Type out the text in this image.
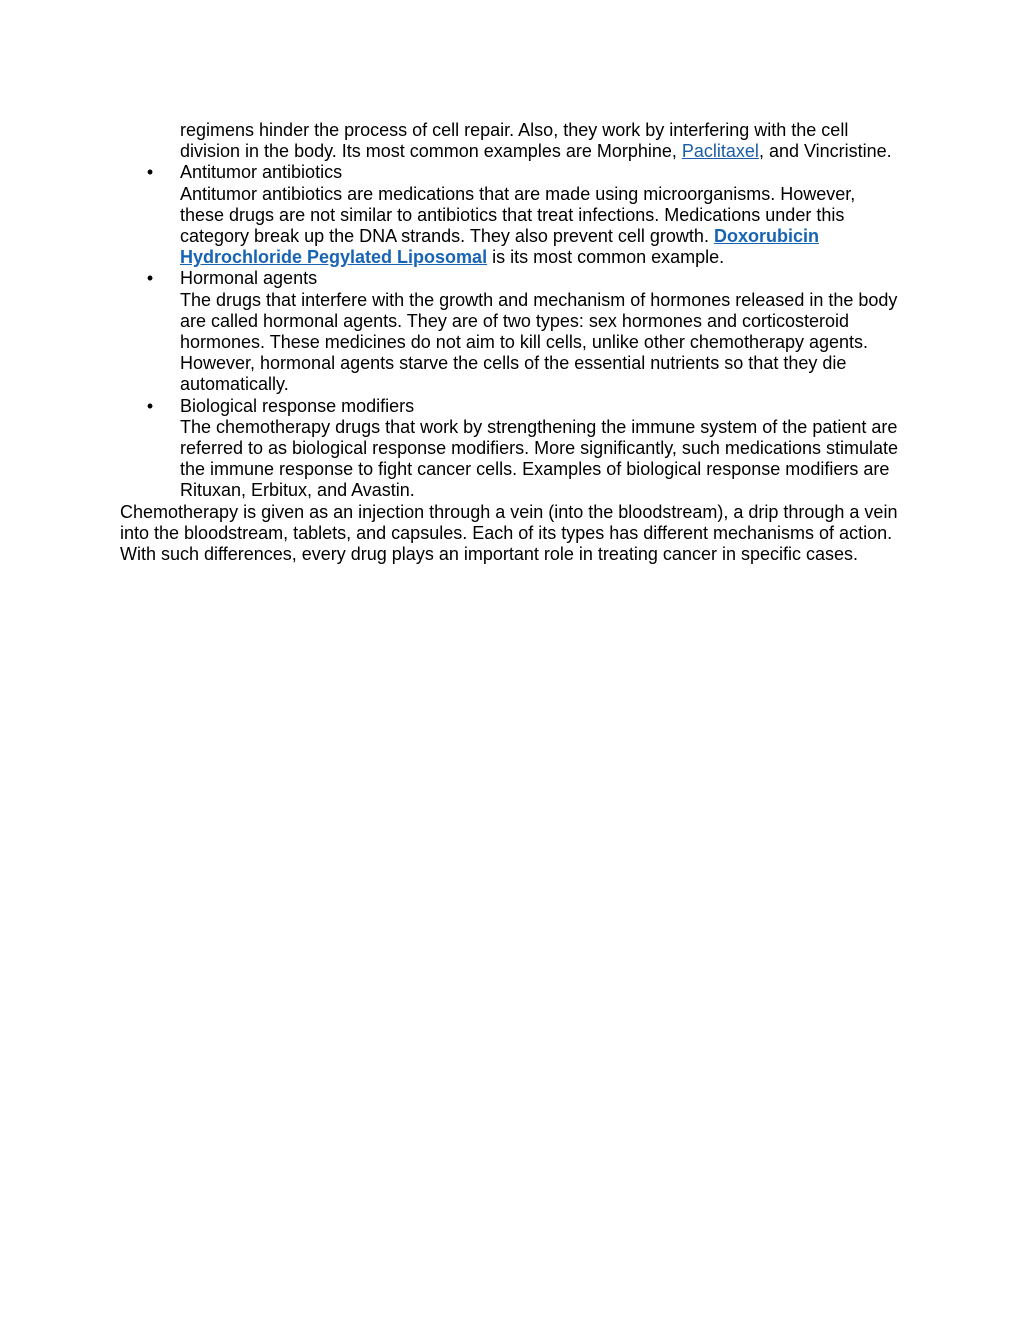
regimens hinder the process of cell repair. Also, they work by interfering with the cell division in the body. Its most common examples are Morphine, Paclitaxel, and Vincristine.
•	Antitumor antibiotics
Antitumor antibiotics are medications that are made using microorganisms. However, these drugs are not similar to antibiotics that treat infections. Medications under this category break up the DNA strands. They also prevent cell growth. Doxorubicin Hydrochloride Pegylated Liposomal is its most common example.
•	Hormonal agents
The drugs that interfere with the growth and mechanism of hormones released in the body are called hormonal agents. They are of two types: sex hormones and corticosteroid hormones. These medicines do not aim to kill cells, unlike other chemotherapy agents. However, hormonal agents starve the cells of the essential nutrients so that they die automatically.
•	Biological response modifiers
The chemotherapy drugs that work by strengthening the immune system of the patient are referred to as biological response modifiers. More significantly, such medications stimulate the immune response to fight cancer cells. Examples of biological response modifiers are Rituxan, Erbitux, and Avastin.

Chemotherapy is given as an injection through a vein (into the bloodstream), a drip through a vein into the bloodstream, tablets, and capsules. Each of its types has different mechanisms of action. With such differences, every drug plays an important role in treating cancer in specific cases.
